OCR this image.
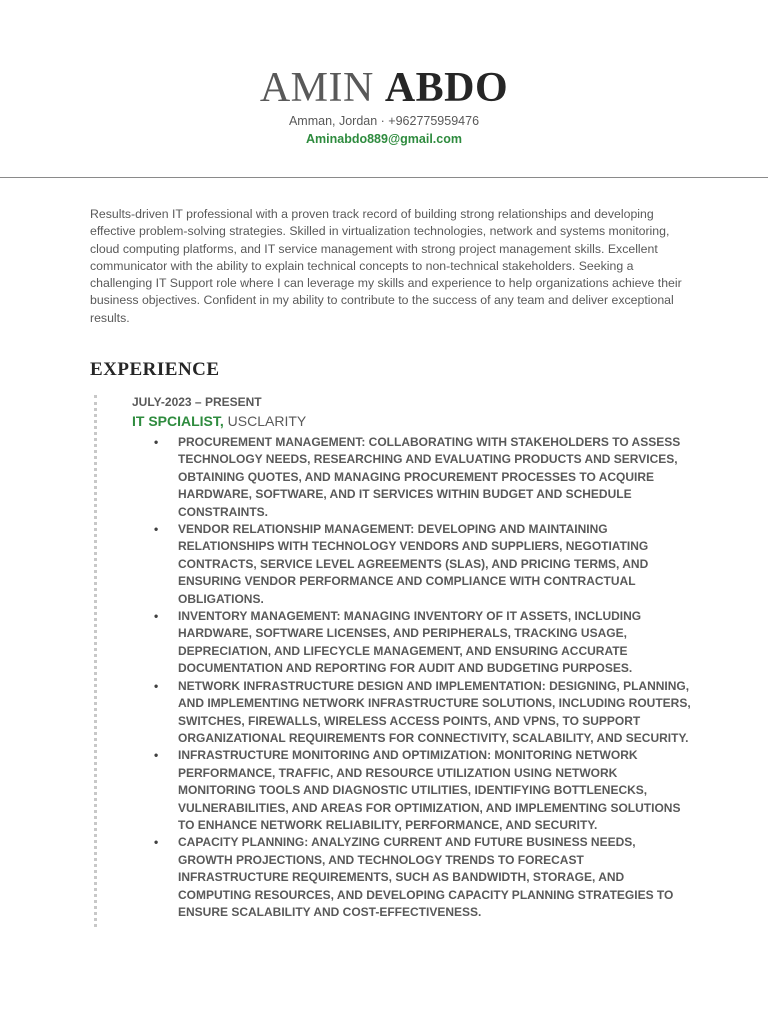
AMIN ABDO
Amman, Jordan · +962775959476
Aminabdo889@gmail.com

Results-driven IT professional with a proven track record of building strong relationships and developing effective problem-solving strategies. Skilled in virtualization technologies, network and systems monitoring, cloud computing platforms, and IT service management with strong project management skills. Excellent communicator with the ability to explain technical concepts to non-technical stakeholders. Seeking a challenging IT Support role where I can leverage my skills and experience to help organizations achieve their business objectives. Confident in my ability to contribute to the success of any team and deliver exceptional results.

EXPERIENCE
JULY-2023 – PRESENT
IT SPCIALIST, USCLARITY
• PROCUREMENT MANAGEMENT: COLLABORATING WITH STAKEHOLDERS TO ASSESS TECHNOLOGY NEEDS, RESEARCHING AND EVALUATING PRODUCTS AND SERVICES, OBTAINING QUOTES, AND MANAGING PROCUREMENT PROCESSES TO ACQUIRE HARDWARE, SOFTWARE, AND IT SERVICES WITHIN BUDGET AND SCHEDULE CONSTRAINTS.
• VENDOR RELATIONSHIP MANAGEMENT: DEVELOPING AND MAINTAINING RELATIONSHIPS WITH TECHNOLOGY VENDORS AND SUPPLIERS, NEGOTIATING CONTRACTS, SERVICE LEVEL AGREEMENTS (SLAS), AND PRICING TERMS, AND ENSURING VENDOR PERFORMANCE AND COMPLIANCE WITH CONTRACTUAL OBLIGATIONS.
• INVENTORY MANAGEMENT: MANAGING INVENTORY OF IT ASSETS, INCLUDING HARDWARE, SOFTWARE LICENSES, AND PERIPHERALS, TRACKING USAGE, DEPRECIATION, AND LIFECYCLE MANAGEMENT, AND ENSURING ACCURATE DOCUMENTATION AND REPORTING FOR AUDIT AND BUDGETING PURPOSES.
• NETWORK INFRASTRUCTURE DESIGN AND IMPLEMENTATION: DESIGNING, PLANNING, AND IMPLEMENTING NETWORK INFRASTRUCTURE SOLUTIONS, INCLUDING ROUTERS, SWITCHES, FIREWALLS, WIRELESS ACCESS POINTS, AND VPNS, TO SUPPORT ORGANIZATIONAL REQUIREMENTS FOR CONNECTIVITY, SCALABILITY, AND SECURITY.
• INFRASTRUCTURE MONITORING AND OPTIMIZATION: MONITORING NETWORK PERFORMANCE, TRAFFIC, AND RESOURCE UTILIZATION USING NETWORK MONITORING TOOLS AND DIAGNOSTIC UTILITIES, IDENTIFYING BOTTLENECKS, VULNERABILITIES, AND AREAS FOR OPTIMIZATION, AND IMPLEMENTING SOLUTIONS TO ENHANCE NETWORK RELIABILITY, PERFORMANCE, AND SECURITY.
• CAPACITY PLANNING: ANALYZING CURRENT AND FUTURE BUSINESS NEEDS, GROWTH PROJECTIONS, AND TECHNOLOGY TRENDS TO FORECAST INFRASTRUCTURE REQUIREMENTS, SUCH AS BANDWIDTH, STORAGE, AND COMPUTING RESOURCES, AND DEVELOPING CAPACITY PLANNING STRATEGIES TO ENSURE SCALABILITY AND COST-EFFECTIVENESS.
